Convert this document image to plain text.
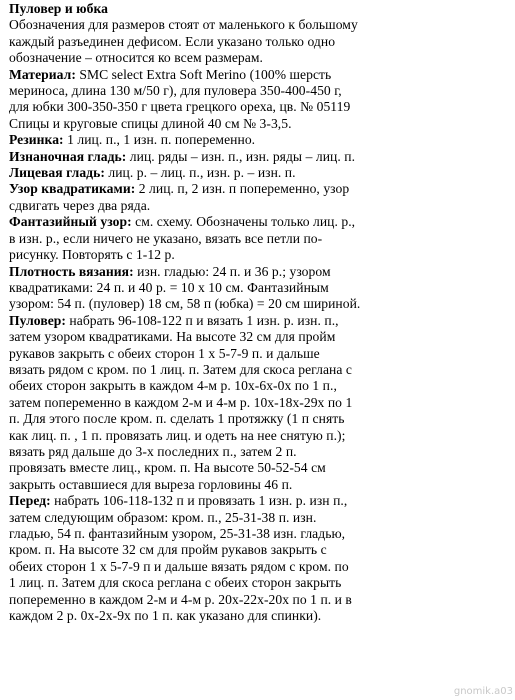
Пуловер и юбка
Обозначения для размеров стоят от маленького к большому
каждый разъединен дефисом. Если указано только одно
обозначение – относится ко всем размерам.
Материал: SMC select Extra Soft Merino (100% шерсть
мериноса, длина 130 м/50 г), для пуловера 350-400-450 г,
для юбки 300-350-350 г цвета грецкого ореха, цв. № 05119
Спицы и круговые спицы длиной 40 см № 3-3,5.
Резинка: 1 лиц. п., 1 изн. п. попеременно.
Изнаночная гладь: лиц. ряды – изн. п., изн. ряды – лиц. п.
Лицевая гладь: лиц. р. – лиц. п., изн. р. – изн. п.
Узор квадратиками: 2 лиц. п, 2 изн. п попеременно, узор
сдвигать через два ряда.
Фантазийный узор: см. схему. Обозначены только лиц. р.,
в изн. р., если ничего не указано, вязать все петли по-
рисунку. Повторять с 1-12 р.
Плотность вязания: изн. гладью: 24 п. и 36 р.; узором
квадратиками: 24 п. и 40 р. = 10 х 10 см. Фантазийным
узором: 54 п. (пуловер) 18 см, 58 п (юбка) = 20 см шириной.
Пуловер: набрать 96-108-122 п и вязать 1 изн. р. изн. п.,
затем узором квадратиками. На высоте 32 см для пройм
рукавов закрыть с обеих сторон 1 х 5-7-9 п. и дальше
вязать рядом с кром. по 1 лиц. п. Затем для скоса реглана с
обеих сторон закрыть в каждом 4-м р. 10х-6х-0х по 1 п.,
затем попеременно в каждом 2-м и 4-м р. 10х-18х-29х по 1
п. Для этого после кром. п. сделать 1 протяжку (1 п снять
как лиц. п. , 1 п. провязать лиц. и одеть на нее снятую п.);
вязать ряд дальше до 3-х последних п., затем 2 п.
провязать вместе лиц., кром. п. На высоте 50-52-54 см
закрыть оставшиеся для выреза горловины 46 п.
Перед: набрать 106-118-132 п и провязать 1 изн. р. изн п.,
затем следующим образом: кром. п., 25-31-38 п. изн.
гладью, 54 п. фантазийным узором, 25-31-38 изн. гладью,
кром. п. На высоте 32 см для пройм рукавов закрыть с
обеих сторон 1 х 5-7-9 п и дальше вязать рядом с кром. по
1 лиц. п. Затем для скоса реглана с обеих сторон закрыть
попеременно в каждом 2-м и 4-м р. 20х-22х-20х по 1 п. и в
каждом 2 р. 0х-2х-9х по 1 п. как указано для спинки).
gnomik.a03
